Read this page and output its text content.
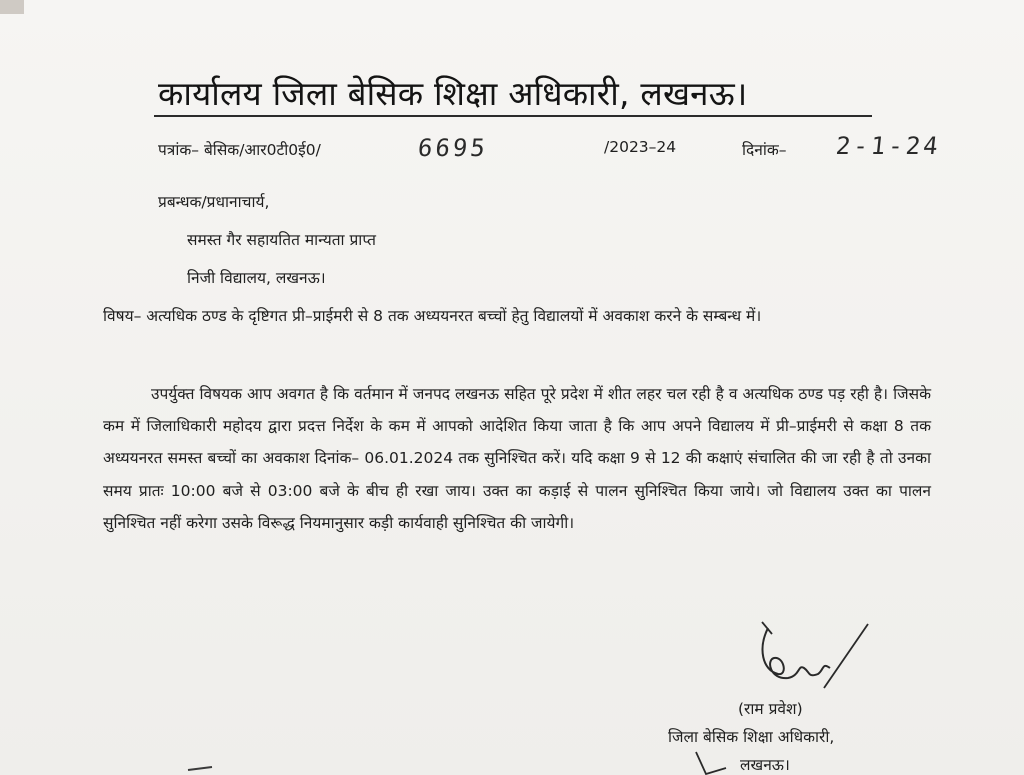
कार्यालय जिला बेसिक शिक्षा अधिकारी, लखनऊ।
पत्रांक– बेसिक/आर0टी0ई0/	6695	/2023–24	दिनांक– 2-1-24
प्रबन्धक/प्रधानाचार्य,
समस्त गैर सहायतित मान्यता प्राप्त
निजी विद्यालय, लखनऊ।
विषय– अत्यधिक ठण्ड के दृष्टिगत प्री–प्राईमरी से 8 तक अध्ययनरत बच्चों हेतु विद्यालयों में अवकाश करने के सम्बन्ध में।
उपर्युक्त विषयक आप अवगत है कि वर्तमान में जनपद लखनऊ सहित पूरे प्रदेश में शीत लहर चल रही है व अत्यधिक ठण्ड पड़ रही है। जिसके कम में जिलाधिकारी महोदय द्वारा प्रदत्त निर्देश के कम में आपको आदेशित किया जाता है कि आप अपने विद्यालय में प्री–प्राईमरी से कक्षा 8 तक अध्ययनरत समस्त बच्चों का अवकाश दिनांक– 06.01.2024 तक सुनिश्चित करें। यदि कक्षा 9 से 12 की कक्षाएं संचालित की जा रही है तो उनका समय प्रातः 10:00 बजे से 03:00 बजे के बीच ही रखा जाय। उक्त का कड़ाई से पालन सुनिश्चित किया जाये। जो विद्यालय उक्त का पालन सुनिश्चित नहीं करेगा उसके विरूद्ध नियमानुसार कड़ी कार्यवाही सुनिश्चित की जायेगी।
(राम प्रवेश)
जिला बेसिक शिक्षा अधिकारी,
लखनऊ।
